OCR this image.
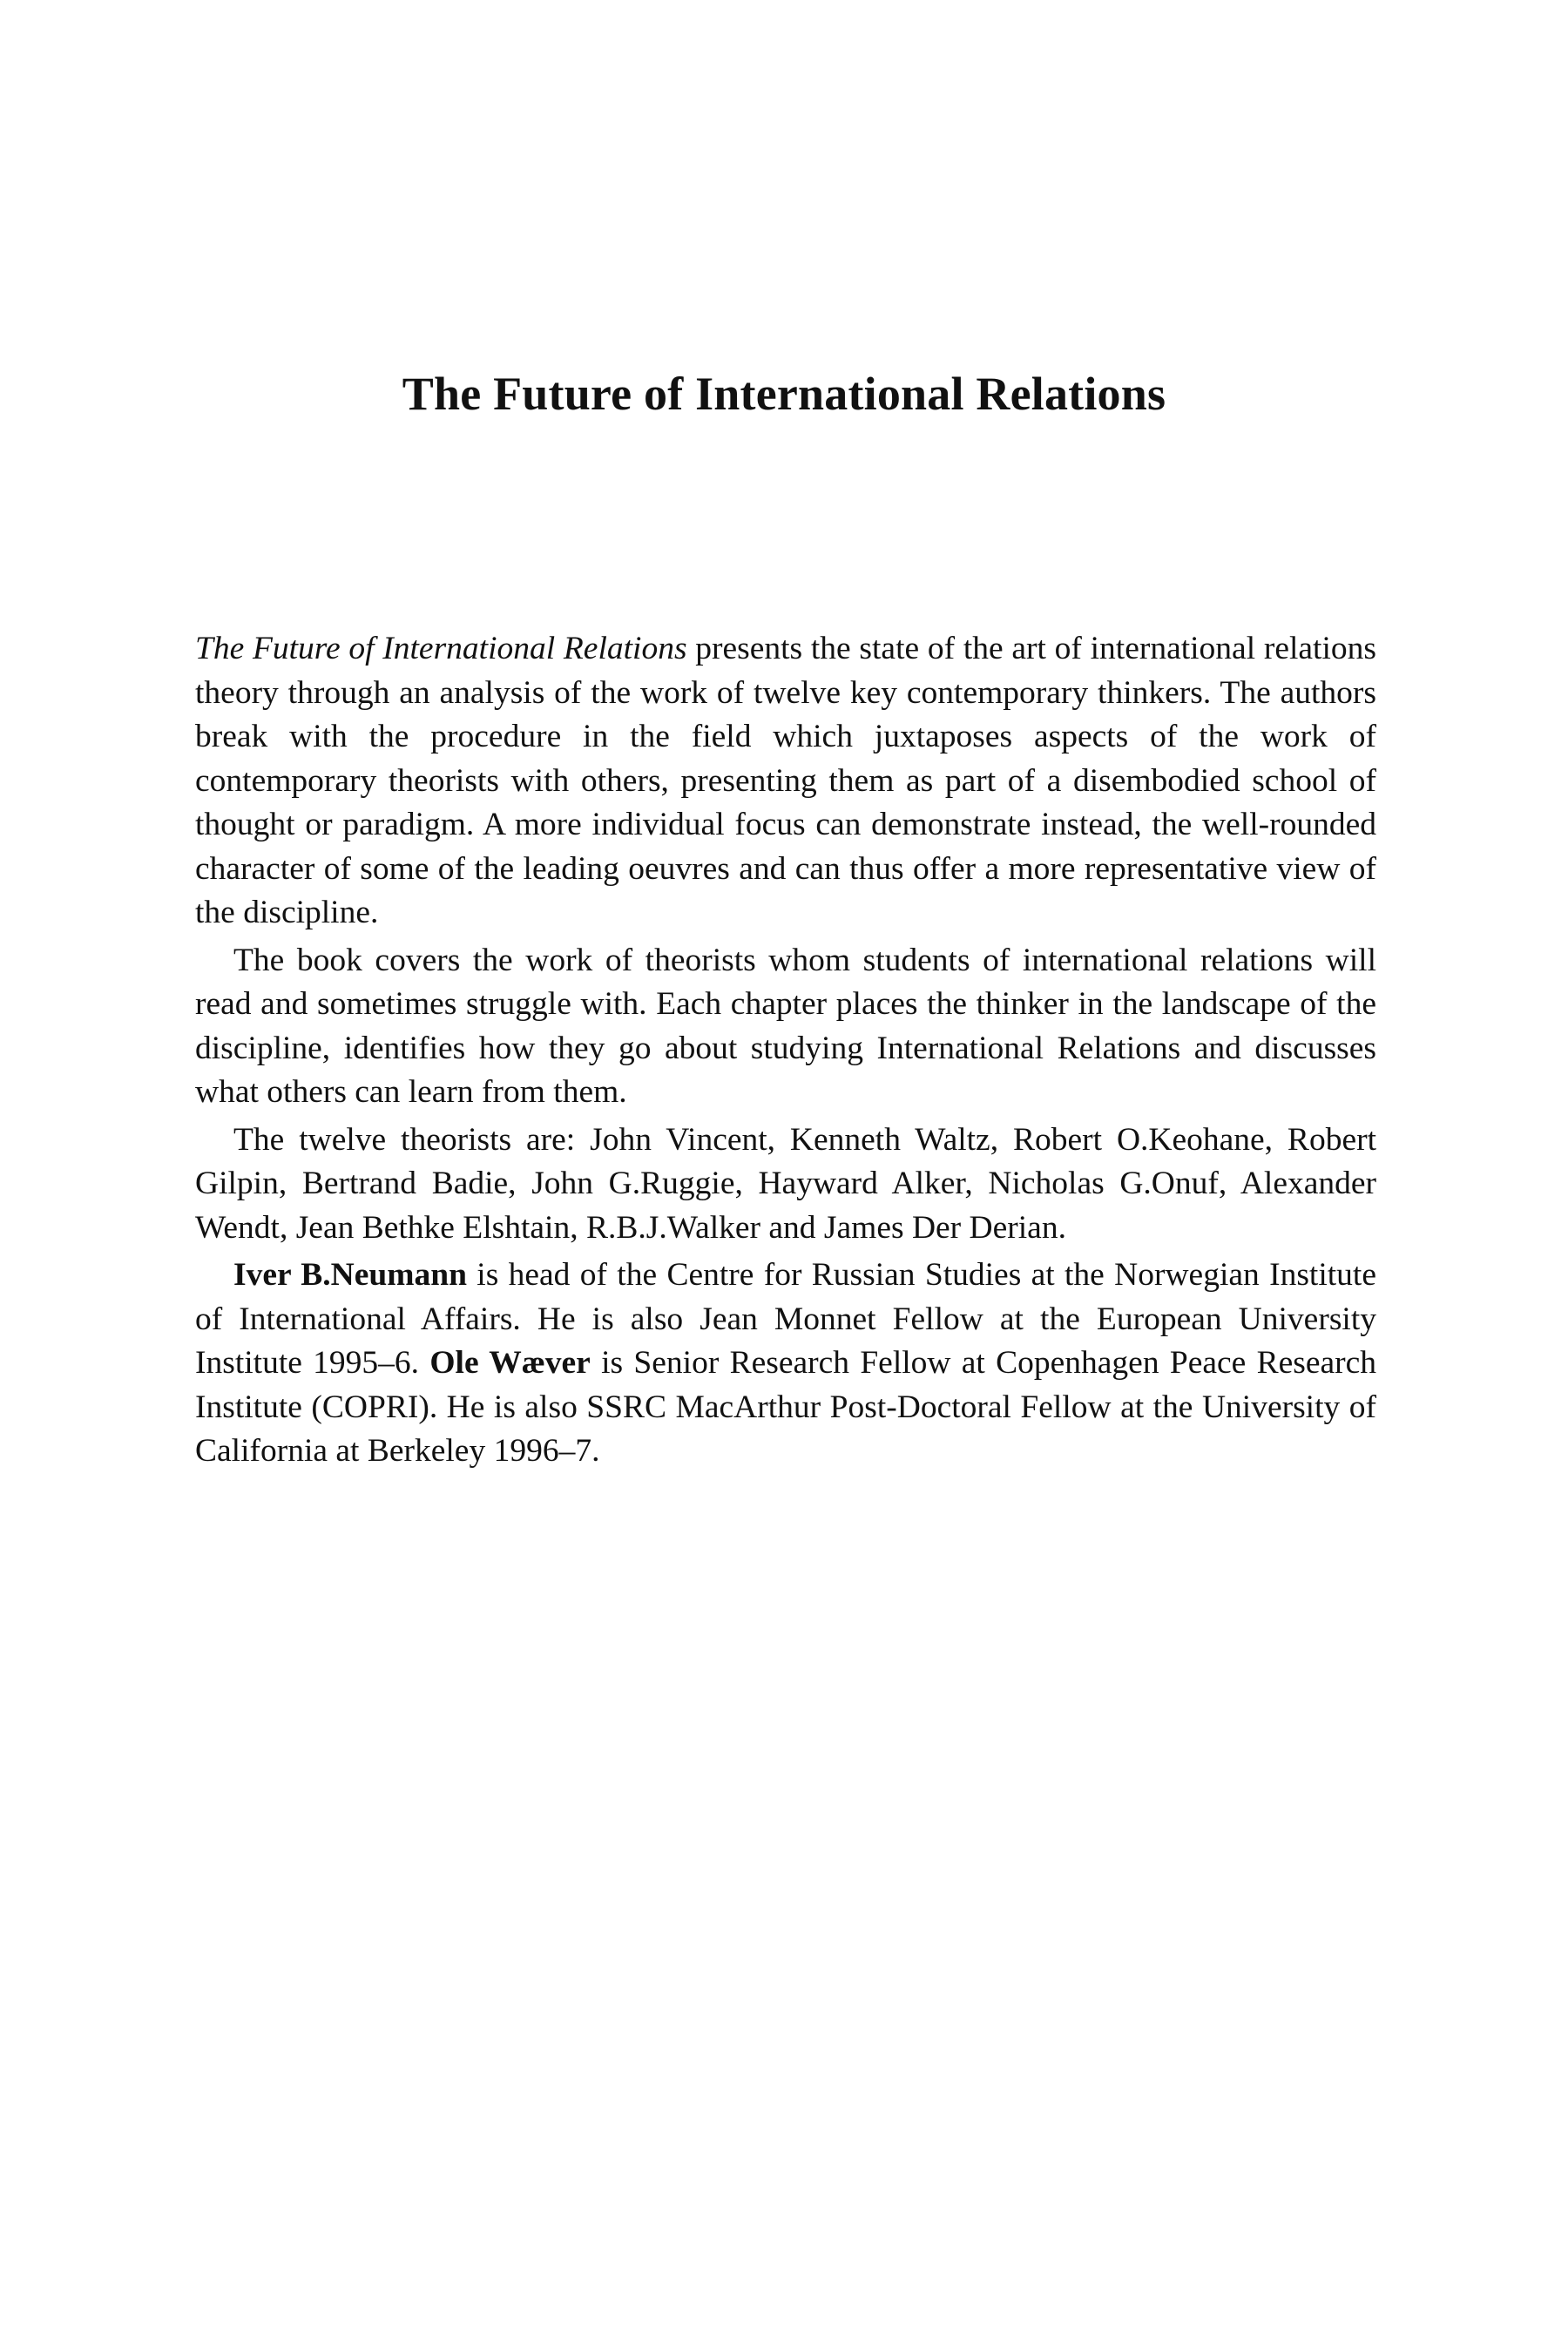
The Future of International Relations

The Future of International Relations presents the state of the art of international relations theory through an analysis of the work of twelve key contemporary thinkers. The authors break with the procedure in the field which juxtaposes aspects of the work of contemporary theorists with others, presenting them as part of a disembodied school of thought or paradigm. A more individual focus can demonstrate instead, the well-rounded character of some of the leading oeuvres and can thus offer a more representative view of the discipline.

The book covers the work of theorists whom students of international relations will read and sometimes struggle with. Each chapter places the thinker in the landscape of the discipline, identifies how they go about studying International Relations and discusses what others can learn from them.

The twelve theorists are: John Vincent, Kenneth Waltz, Robert O.Keohane, Robert Gilpin, Bertrand Badie, John G.Ruggie, Hayward Alker, Nicholas G.Onuf, Alexander Wendt, Jean Bethke Elshtain, R.B.J.Walker and James Der Derian.

Iver B.Neumann is head of the Centre for Russian Studies at the Norwegian Institute of International Affairs. He is also Jean Monnet Fellow at the European University Institute 1995–6. Ole Wæver is Senior Research Fellow at Copenhagen Peace Research Institute (COPRI). He is also SSRC MacArthur Post-Doctoral Fellow at the University of California at Berkeley 1996–7.
